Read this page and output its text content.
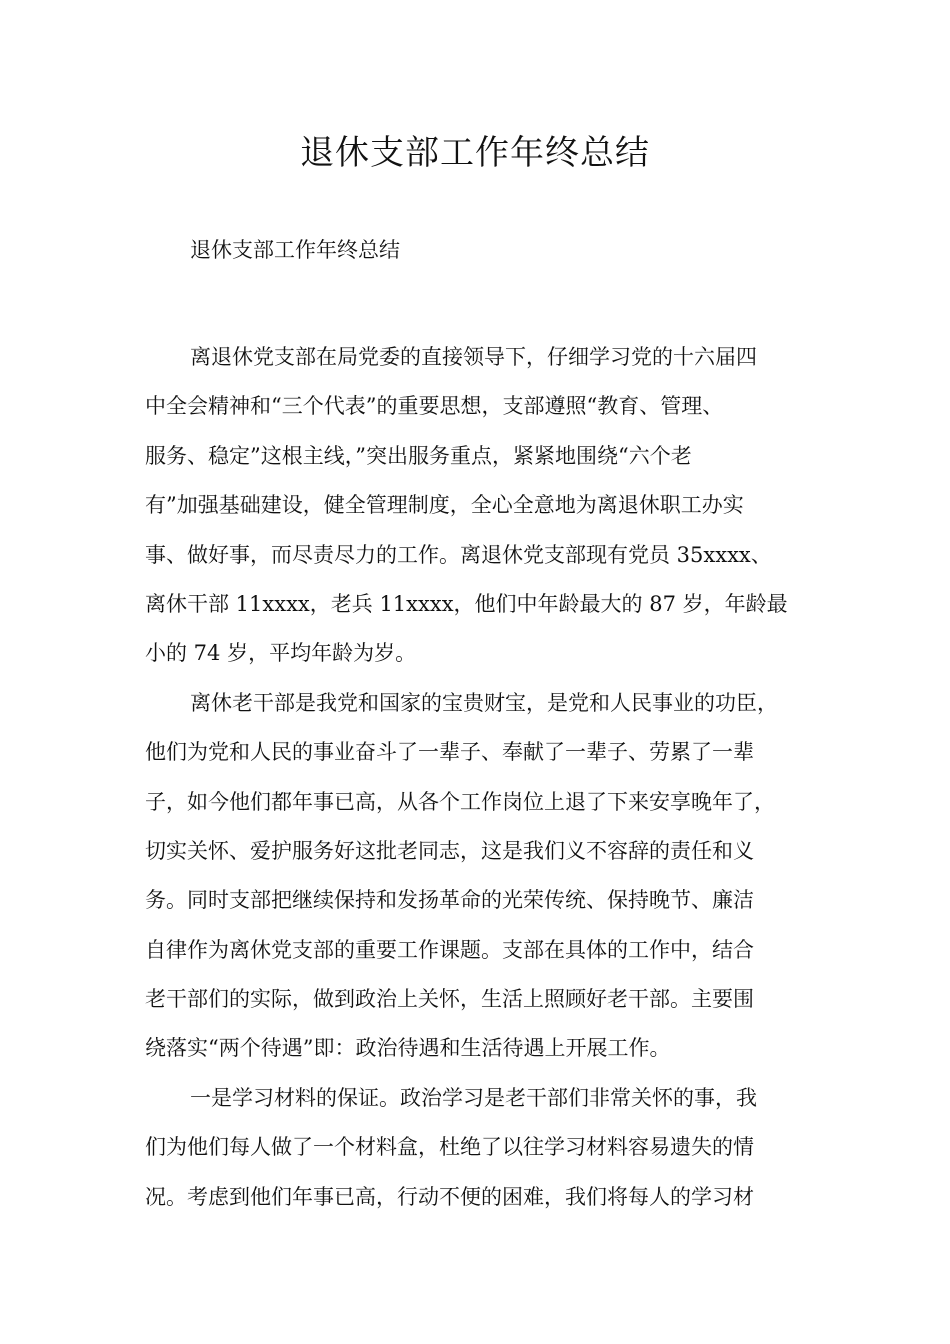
退休支部工作年终总结
退休支部工作年终总结
离退休党支部在局党委的直接领导下，仔细学习党的十六届四
中全会精神和“三个代表”的重要思想，支部遵照“教育、管理、
服务、稳定”这根主线，”突出服务重点，紧紧地围绕“六个老
有”加强基础建设，健全管理制度，全心全意地为离退休职工办实
事、做好事，而尽责尽力的工作。离退休党支部现有党员 35xxxx、
离休干部 11xxxx，老兵 11xxxx，他们中年龄最大的 87 岁，年龄最
小的 74 岁，平均年龄为岁。
离休老干部是我党和国家的宝贵财宝，是党和人民事业的功臣，
他们为党和人民的事业奋斗了一辈子、奉献了一辈子、劳累了一辈
子，如今他们都年事已高，从各个工作岗位上退了下来安享晚年了，
切实关怀、爱护服务好这批老同志，这是我们义不容辞的责任和义
务。同时支部把继续保持和发扬革命的光荣传统、保持晚节、廉洁
自律作为离休党支部的重要工作课题。支部在具体的工作中，结合
老干部们的实际，做到政治上关怀，生活上照顾好老干部。主要围
绕落实“两个待遇”即：政治待遇和生活待遇上开展工作。
一是学习材料的保证。政治学习是老干部们非常关怀的事，我
们为他们每人做了一个材料盒，杜绝了以往学习材料容易遗失的情
况。考虑到他们年事已高，行动不便的困难，我们将每人的学习材
